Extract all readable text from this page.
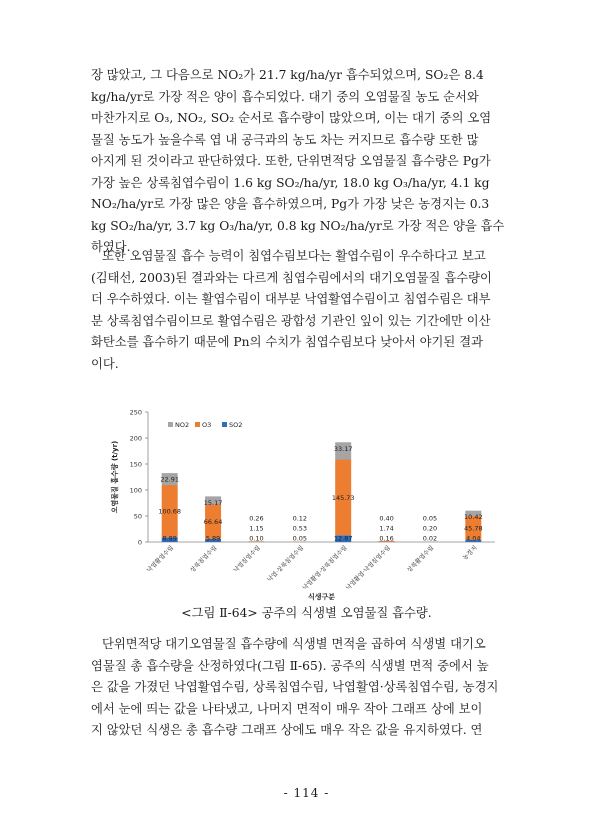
장 많았고, 그 다음으로 NO₂가 21.7 kg/ha/yr 흡수되었으며, SO₂은 8.4
kg/ha/yr로 가장 적은 양이 흡수되었다. 대기 중의 오염물질 농도 순서와
마찬가지로 O₃, NO₂, SO₂ 순서로 흡수량이 많았으며, 이는 대기 중의 오염
물질 농도가 높을수록 엽 내 공극과의 농도 차는 커지므로 흡수량 또한 많
아지게 된 것이라고 판단하였다. 또한, 단위면적당 오염물질 흡수량은 Pg가
가장 높은 상록침엽수림이 1.6 kg SO₂/ha/yr, 18.0 kg O₃/ha/yr, 4.1 kg
NO₂/ha/yr로 가장 많은 양을 흡수하였으며, Pg가 가장 낮은 농경지는 0.3
kg SO₂/ha/yr, 3.7 kg O₃/ha/yr, 0.8 kg NO₂/ha/yr로 가장 적은 양을 흡수
하였다.

또한 오염물질 흡수 능력이 침엽수림보다는 활엽수림이 우수하다고 보고
(김태선, 2003)된 결과와는 다르게 침엽수림에서의 대기오염물질 흡수량이
더 우수하였다. 이는 활엽수림이 대부분 낙엽활엽수림이고 침엽수림은 대부
분 상록침엽수림이므로 활엽수림은 광합성 기관인 잎이 있는 기간에만 이산
화탄소를 흡수하기 때문에 Pn의 수치가 침엽수림보다 낮아서 야기된 결과
이다.

0
50
100
150
200
250
오염물질 흡수량 (t/yr)
식생구분
낙엽활엽수림 상록침엽수림 낙엽침엽수림 낙엽·상록침엽수림
낙엽활엽·상록침엽수림
낙엽활엽·낙엽침엽수림 상록활엽수림	농경지
8.89
100.68
22.91
5.89
66.64
15.17
0.10
1.15
0.26
0.05
0.53
0.12
12.87
145.73
33.17
0.16
1.74
0.40
0.02
0.20
0.05
4.04
45.78
10.42
NO2 O3	SO2
<그림 Ⅱ-64> 공주의 식생별 오염물질 흡수량.

단위면적당 대기오염물질 흡수량에 식생별 면적을 곱하여 식생별 대기오
염물질 총 흡수량을 산정하였다(그림 Ⅱ-65). 공주의 식생별 면적 중에서 높
은 값을 가졌던 낙엽활엽수림, 상록침엽수림, 낙엽활엽·상록침엽수림, 농경지
에서 눈에 띄는 값을 나타냈고, 나머지 면적이 매우 작아 그래프 상에 보이
지 않았던 식생은 총 흡수량 그래프 상에도 매우 작은 값을 유지하였다. 연

- 114 -
